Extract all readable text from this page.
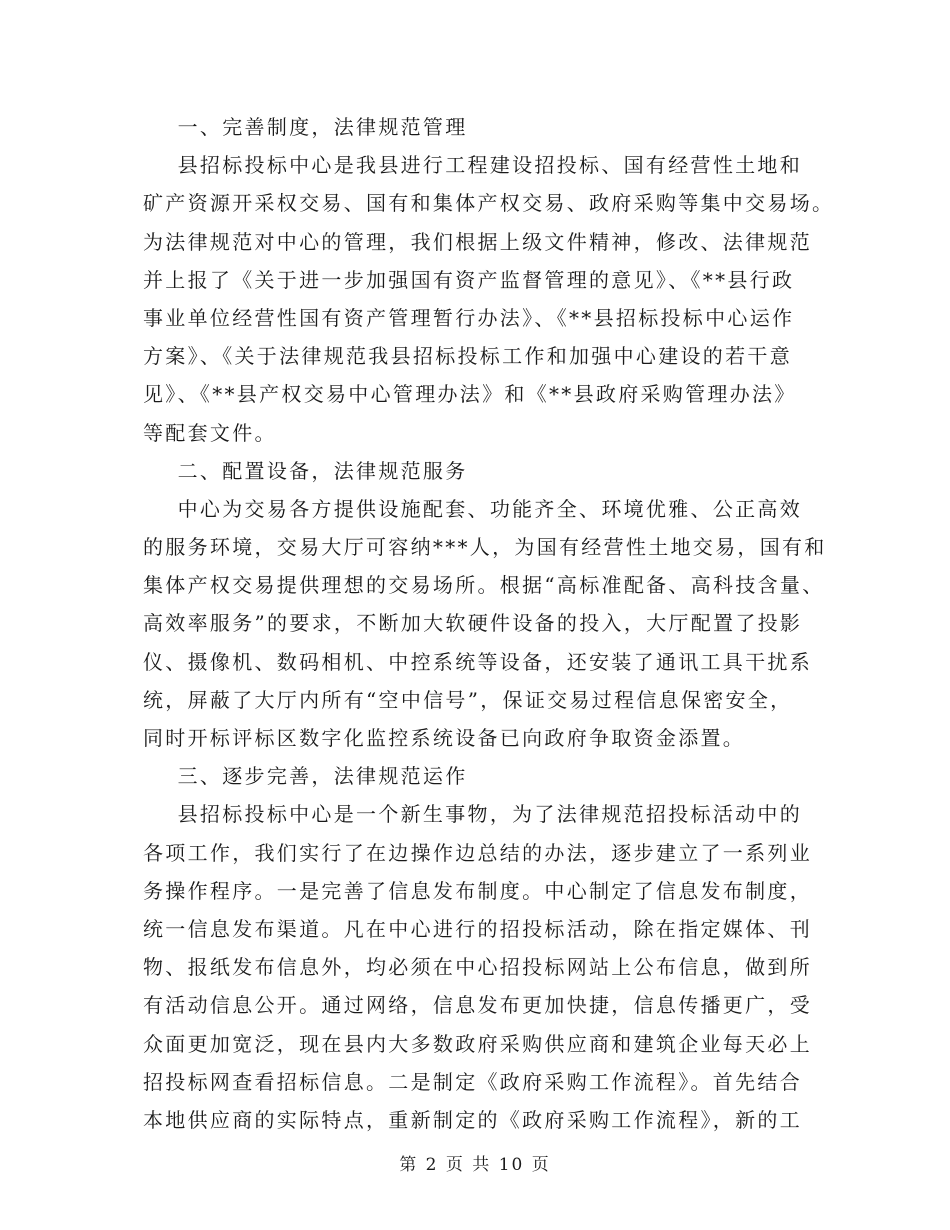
一、完善制度，法律规范管理
县招标投标中心是我县进行工程建设招投标、国有经营性土地和
矿产资源开采权交易、国有和集体产权交易、政府采购等集中交易场。
为法律规范对中心的管理，我们根据上级文件精神，修改、法律规范
并上报了《关于进一步加强国有资产监督管理的意见》、《**县行政
事业单位经营性国有资产管理暂行办法》、《**县招标投标中心运作
方案》、《关于法律规范我县招标投标工作和加强中心建设的若干意
见》、《**县产权交易中心管理办法》和《**县政府采购管理办法》
等配套文件。
二、配置设备，法律规范服务
中心为交易各方提供设施配套、功能齐全、环境优雅、公正高效
的服务环境，交易大厅可容纳***人，为国有经营性土地交易，国有和
集体产权交易提供理想的交易场所。根据“高标准配备、高科技含量、
高效率服务”的要求，不断加大软硬件设备的投入，大厅配置了投影
仪、摄像机、数码相机、中控系统等设备，还安装了通讯工具干扰系
统，屏蔽了大厅内所有“空中信号”，保证交易过程信息保密安全，
同时开标评标区数字化监控系统设备已向政府争取资金添置。
三、逐步完善，法律规范运作
县招标投标中心是一个新生事物，为了法律规范招投标活动中的
各项工作，我们实行了在边操作边总结的办法，逐步建立了一系列业
务操作程序。一是完善了信息发布制度。中心制定了信息发布制度，
统一信息发布渠道。凡在中心进行的招投标活动，除在指定媒体、刊
物、报纸发布信息外，均必须在中心招投标网站上公布信息，做到所
有活动信息公开。通过网络，信息发布更加快捷，信息传播更广，受
众面更加宽泛，现在县内大多数政府采购供应商和建筑企业每天必上
招投标网查看招标信息。二是制定《政府采购工作流程》。首先结合
本地供应商的实际特点，重新制定的《政府采购工作流程》，新的工
第 2 页 共 10 页
